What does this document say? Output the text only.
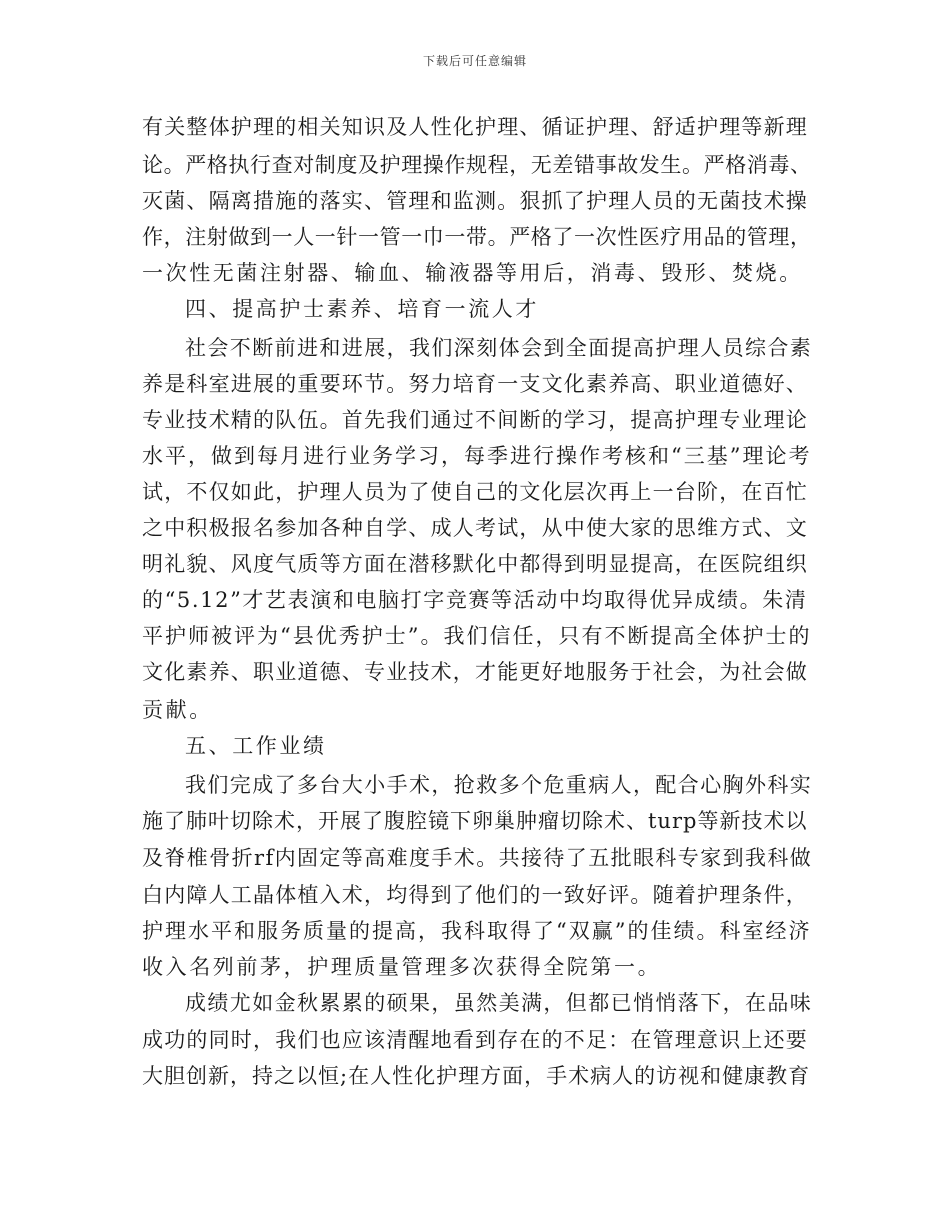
下载后可任意编辑
有关整体护理的相关知识及人性化护理、循证护理、舒适护理等新理
论。严格执行查对制度及护理操作规程，无差错事故发生。严格消毒、
灭菌、隔离措施的落实、管理和监测。狠抓了护理人员的无菌技术操
作，注射做到一人一针一管一巾一带。严格了一次性医疗用品的管理，
一次性无菌注射器、输血、输液器等用后，消毒、毁形、焚烧。
四、提高护士素养、培育一流人才
社会不断前进和进展，我们深刻体会到全面提高护理人员综合素
养是科室进展的重要环节。努力培育一支文化素养高、职业道德好、
专业技术精的队伍。首先我们通过不间断的学习，提高护理专业理论
水平，做到每月进行业务学习，每季进行操作考核和“三基”理论考
试，不仅如此，护理人员为了使自己的文化层次再上一台阶，在百忙
之中积极报名参加各种自学、成人考试，从中使大家的思维方式、文
明礼貌、风度气质等方面在潜移默化中都得到明显提高，在医院组织
的“5.12”才艺表演和电脑打字竞赛等活动中均取得优异成绩。朱清
平护师被评为“县优秀护士”。我们信任，只有不断提高全体护士的
文化素养、职业道德、专业技术，才能更好地服务于社会，为社会做
贡献。
五、工作业绩
我们完成了多台大小手术，抢救多个危重病人，配合心胸外科实
施了肺叶切除术，开展了腹腔镜下卵巢肿瘤切除术、turp等新技术以
及脊椎骨折rf内固定等高难度手术。共接待了五批眼科专家到我科做
白内障人工晶体植入术，均得到了他们的一致好评。随着护理条件，
护理水平和服务质量的提高，我科取得了“双赢”的佳绩。科室经济
收入名列前茅，护理质量管理多次获得全院第一。
成绩尤如金秋累累的硕果，虽然美满，但都已悄悄落下，在品味
成功的同时，我们也应该清醒地看到存在的不足：在管理意识上还要
大胆创新，持之以恒;在人性化护理方面，手术病人的访视和健康教育
